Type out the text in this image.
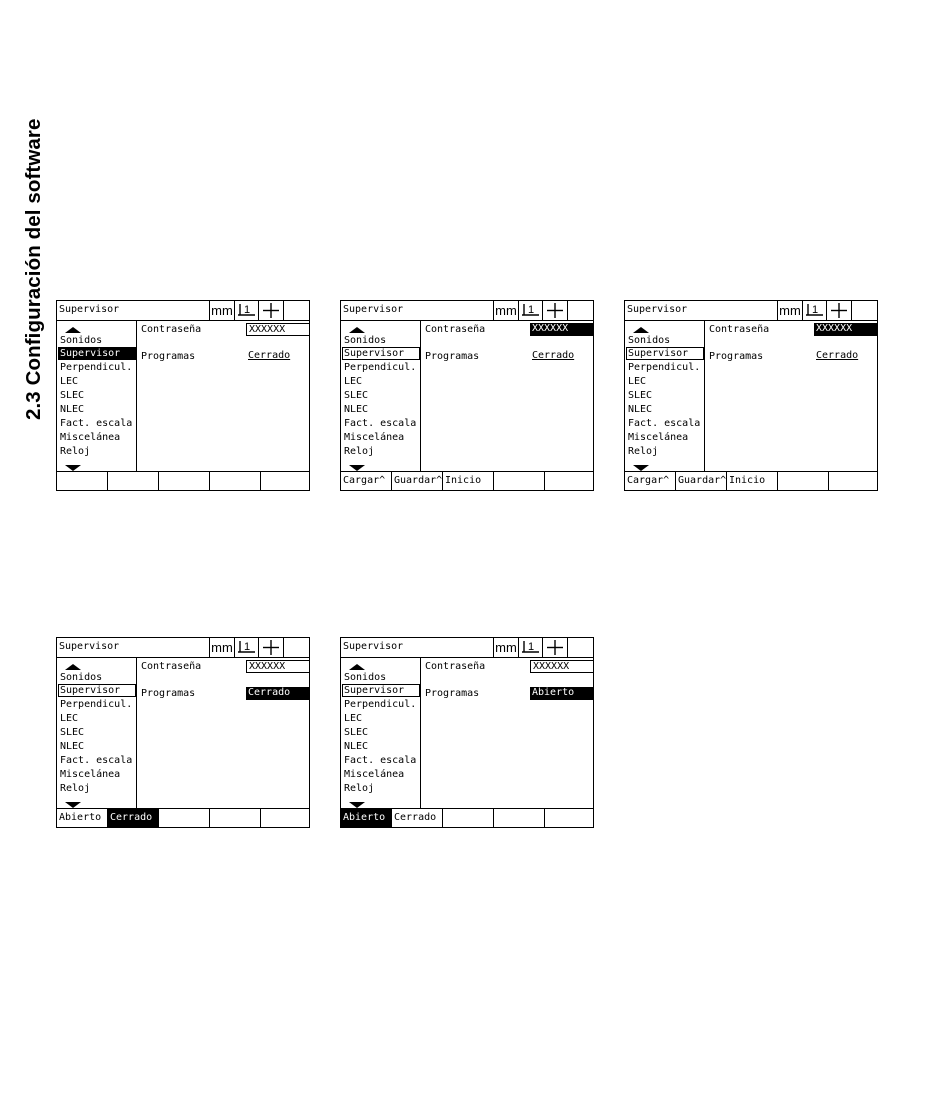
2.3 Configuración del software Supervisor	mm 1
Sonidos
Supervisor
Perpendicul.
LEC
SLEC
NLEC
Fact. escala
Miscelánea
Reloj
Contraseña	XXXXXX
Programas	Cerrado
Supervisor	mm 1
Sonidos
Supervisor
Perpendicul.
LEC
SLEC
NLEC
Fact. escala
Miscelánea
Reloj
Contraseña	XXXXXX
Programas	Cerrado
Cargar^ Guardar^ Inicio
Supervisor	mm 1
Sonidos
Supervisor
Perpendicul.
LEC
SLEC
NLEC
Fact. escala
Miscelánea
Reloj
Contraseña	XXXXXX
Programas	Cerrado
Cargar^ Guardar^ Inicio
Supervisor	mm 1
Sonidos
Supervisor
Perpendicul.
LEC
SLEC
NLEC
Fact. escala
Miscelánea
Reloj
Contraseña	XXXXXX
Programas	Cerrado
Abierto Cerrado
Supervisor	mm 1
Sonidos
Supervisor
Perpendicul.
LEC
SLEC
NLEC
Fact. escala
Miscelánea
Reloj
Contraseña	XXXXXX
Programas	Abierto
Abierto Cerrado
